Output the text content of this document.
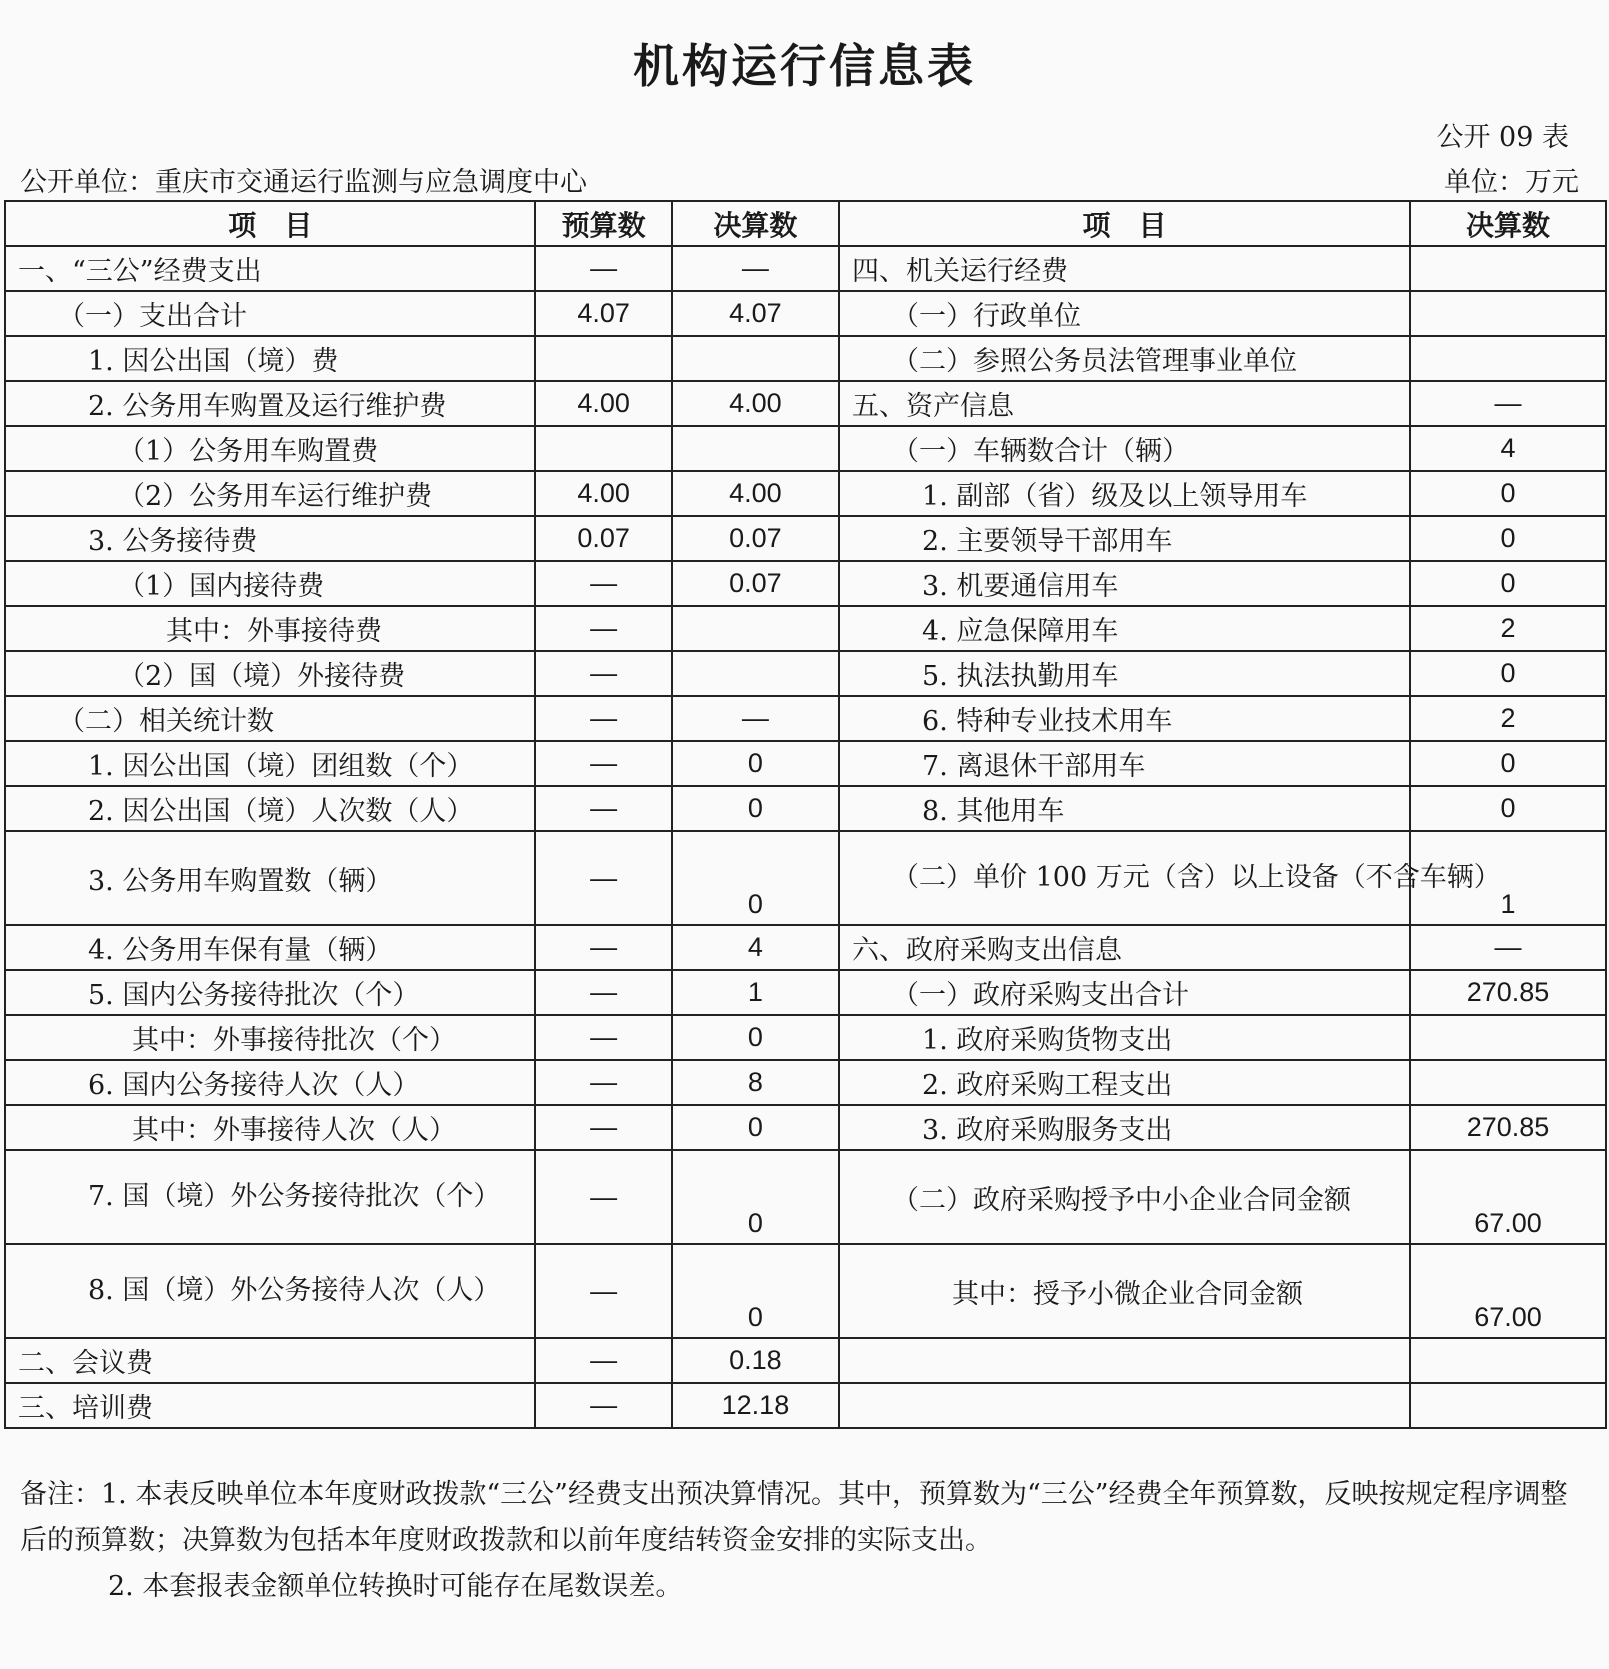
机构运行信息表
公开 09 表
公开单位：重庆市交通运行监测与应急调度中心	单位：万元
项　目	预算数	决算数	项　目	决算数
一、“三公”经费支出	—	—	四、机关运行经费	
（一）支出合计	4.07	4.07	（一）行政单位	
1. 因公出国（境）费			（二）参照公务员法管理事业单位	
2. 公务用车购置及运行维护费	4.00	4.00	五、资产信息	—
（1）公务用车购置费			（一）车辆数合计（辆）	4
（2）公务用车运行维护费	4.00	4.00	1. 副部（省）级及以上领导用车	0
3. 公务接待费	0.07	0.07	2. 主要领导干部用车	0
（1）国内接待费	—	0.07	3. 机要通信用车	0
其中：外事接待费	—		4. 应急保障用车	2
（2）国（境）外接待费	—		5. 执法执勤用车	0
（二）相关统计数	—	—	6. 特种专业技术用车	2
1. 因公出国（境）团组数（个）	—	0	7. 离退休干部用车	0
2. 因公出国（境）人次数（人）	—	0	8. 其他用车	0
3. 公务用车购置数（辆）	—	0	（二）单价 100 万元（含）以上设备（不含车辆）	1
4. 公务用车保有量（辆）	—	4	六、政府采购支出信息	—
5. 国内公务接待批次（个）	—	1	（一）政府采购支出合计	270.85
其中：外事接待批次（个）	—	0	1. 政府采购货物支出	
6. 国内公务接待人次（人）	—	8	2. 政府采购工程支出	
其中：外事接待人次（人）	—	0	3. 政府采购服务支出	270.85
7. 国（境）外公务接待批次（个）	—	0	（二）政府采购授予中小企业合同金额	67.00
8. 国（境）外公务接待人次（人）	—	0	其中：授予小微企业合同金额	67.00
二、会议费	—	0.18		
三、培训费	—	12.18		
备注：1. 本表反映单位本年度财政拨款“三公”经费支出预决算情况。其中，预算数为“三公”经费全年预算数，反映按规定程序调整后的预算数；决算数为包括本年度财政拨款和以前年度结转资金安排的实际支出。
2. 本套报表金额单位转换时可能存在尾数误差。
